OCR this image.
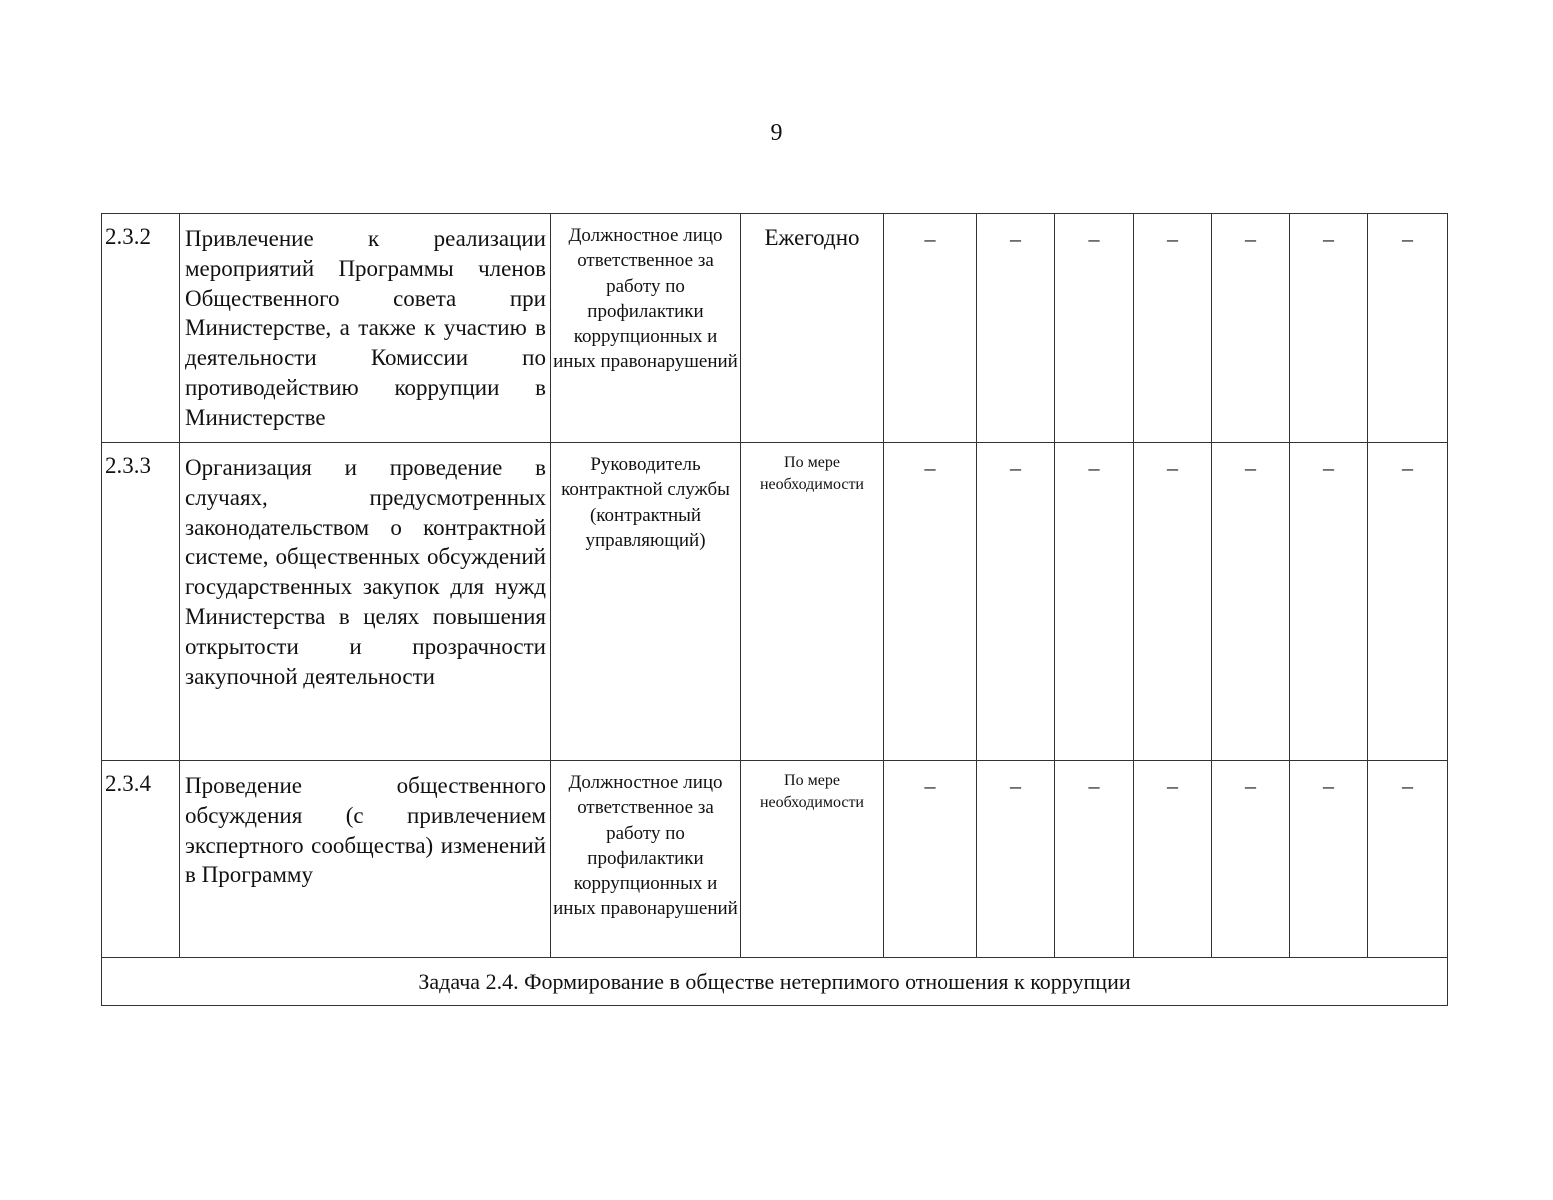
9
2.3.2	Привлечение к реализации мероприятий Программы членов Общественного совета при Министерстве, а также к участию в деятельности Комиссии по противодействию коррупции в Министерстве	Должностное лицо ответственное за работу по профилактики коррупционных и иных правонарушений	Ежегодно	–	–	–	–	–	–	–
2.3.3	Организация и проведение в случаях, предусмотренных законодательством о контрактной системе, общественных обсуждений государственных закупок для нужд Министерства в целях повышения открытости и прозрачности закупочной деятельности	Руководитель контрактной службы (контрактный управляющий)	По мере необходимости	–	–	–	–	–	–	–
2.3.4	Проведение общественного обсуждения (с привлечением экспертного сообщества) изменений в Программу	Должностное лицо ответственное за работу по профилактики коррупционных и иных правонарушений	По мере необходимости	–	–	–	–	–	–	–
Задача 2.4. Формирование в обществе нетерпимого отношения к коррупции										
